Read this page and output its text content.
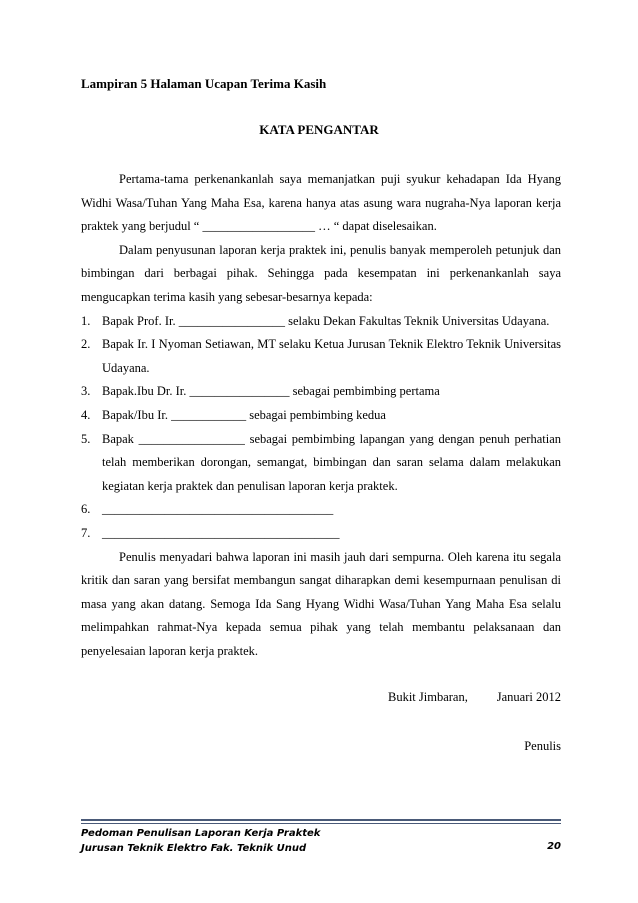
Lampiran 5 Halaman Ucapan Terima Kasih
KATA PENGANTAR

Pertama-tama perkenankanlah saya memanjatkan puji syukur kehadapan Ida Hyang Widhi Wasa/Tuhan Yang Maha Esa, karena hanya atas asung wara nugraha-Nya laporan kerja praktek yang berjudul “ __________________ … “ dapat diselesaikan.

Dalam penyusunan laporan kerja praktek ini, penulis banyak memperoleh petunjuk dan bimbingan dari berbagai pihak. Sehingga pada kesempatan ini perkenankanlah saya mengucapkan terima kasih yang sebesar-besarnya kepada:

1. Bapak Prof. Ir. _________________ selaku Dekan Fakultas Teknik Universitas Udayana.
2. Bapak Ir. I Nyoman Setiawan, MT selaku Ketua Jurusan Teknik Elektro Teknik Universitas Udayana.
3. Bapak.Ibu Dr. Ir. ________________ sebagai pembimbing pertama
4. Bapak/Ibu Ir. ____________ sebagai pembimbing kedua
5. Bapak _________________ sebagai pembimbing lapangan yang dengan penuh perhatian telah memberikan dorongan, semangat, bimbingan dan saran selama dalam melakukan kegiatan kerja praktek dan penulisan laporan kerja praktek.
6. _____________________________________
7. ______________________________________

Penulis menyadari bahwa laporan ini masih jauh dari sempurna. Oleh karena itu segala kritik dan saran yang bersifat membangun sangat diharapkan demi kesempurnaan penulisan di masa yang akan datang. Semoga Ida Sang Hyang Widhi Wasa/Tuhan Yang Maha Esa selalu melimpahkan rahmat-Nya kepada semua pihak yang telah membantu pelaksanaan dan penyelesaian laporan kerja praktek.

Bukit Jimbaran, Januari 2012
Penulis
Pedoman Penulisan Laporan Kerja Praktek
Jurusan Teknik Elektro Fak. Teknik Unud	20
